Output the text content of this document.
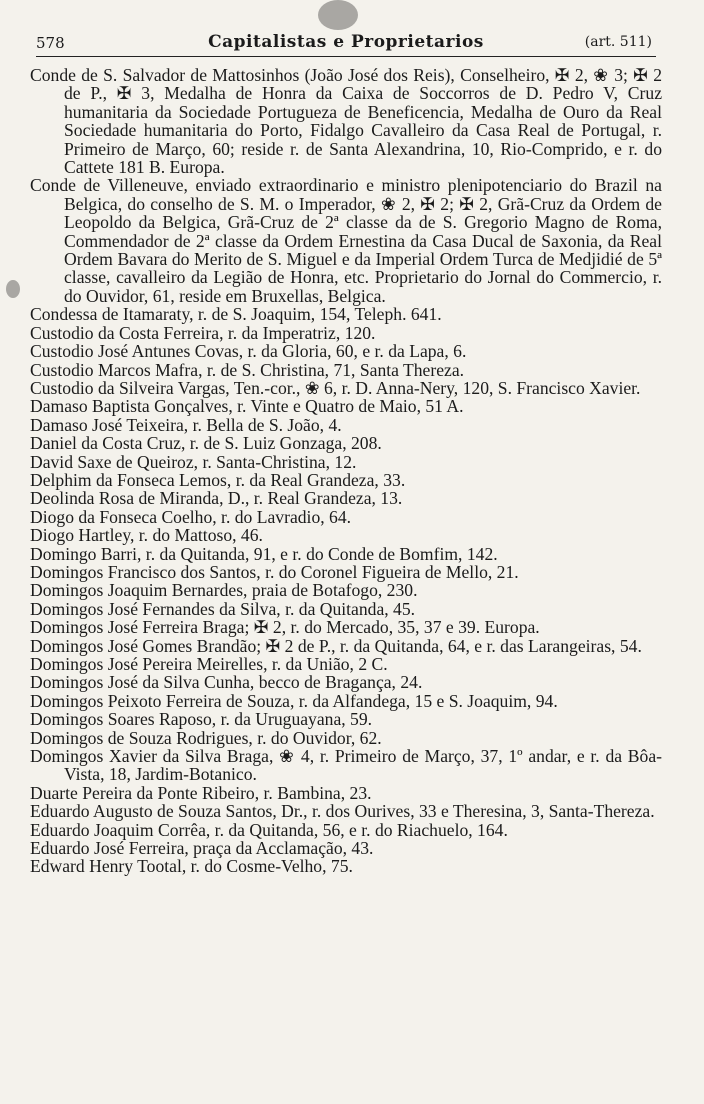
578	Capitalistas e Proprietarios	(art. 511)

Conde de S. Salvador de Mattosinhos (João José dos Reis), Conselheiro, ✠ 2, ❀ 3; ✠ 2 de P., ✠ 3, Medalha de Honra da Caixa de Soccorros de D. Pedro V, Cruz humanitaria da Sociedade Portugueza de Beneficencia, Medalha de Ouro da Real Sociedade humanitaria do Porto, Fidalgo Cavalleiro da Casa Real de Portugal, r. Primeiro de Março, 60; reside r. de Santa Alexandrina, 10, Rio-Comprido, e r. do Cattete 181 B. Europa.

Conde de Villeneuve, enviado extraordinario e ministro plenipotenciario do Brazil na Belgica, do conselho de S. M. o Imperador, ❀ 2, ✠ 2; ✠ 2, Grã-Cruz da Ordem de Leopoldo da Belgica, Grã-Cruz de 2ª classe da de S. Gregorio Magno de Roma, Commendador de 2ª classe da Ordem Ernestina da Casa Ducal de Saxonia, da Real Ordem Bavara do Merito de S. Miguel e da Imperial Ordem Turca de Medjidié de 5ª classe, cavalleiro da Legião de Honra, etc. Proprietario do Jornal do Commercio, r. do Ouvidor, 61, reside em Bruxellas, Belgica.

Condessa de Itamaraty, r. de S. Joaquim, 154, Teleph. 641.

Custodio da Costa Ferreira, r. da Imperatriz, 120.

Custodio José Antunes Covas, r. da Gloria, 60, e r. da Lapa, 6.

Custodio Marcos Mafra, r. de S. Christina, 71, Santa Thereza.

Custodio da Silveira Vargas, Ten.-cor., ❀ 6, r. D. Anna-Nery, 120, S. Francisco Xavier.

Damaso Baptista Gonçalves, r. Vinte e Quatro de Maio, 51 A.

Damaso José Teixeira, r. Bella de S. João, 4.

Daniel da Costa Cruz, r. de S. Luiz Gonzaga, 208.

David Saxe de Queiroz, r. Santa-Christina, 12.

Delphim da Fonseca Lemos, r. da Real Grandeza, 33.

Deolinda Rosa de Miranda, D., r. Real Grandeza, 13.

Diogo da Fonseca Coelho, r. do Lavradio, 64.

Diogo Hartley, r. do Mattoso, 46.

Domingo Barri, r. da Quitanda, 91, e r. do Conde de Bomfim, 142.

Domingos Francisco dos Santos, r. do Coronel Figueira de Mello, 21.

Domingos Joaquim Bernardes, praia de Botafogo, 230.

Domingos José Fernandes da Silva, r. da Quitanda, 45.

Domingos José Ferreira Braga; ✠ 2, r. do Mercado, 35, 37 e 39. Europa.

Domingos José Gomes Brandão; ✠ 2 de P., r. da Quitanda, 64, e r. das Larangeiras, 54.

Domingos José Pereira Meirelles, r. da União, 2 C.

Domingos José da Silva Cunha, becco de Bragança, 24.

Domingos Peixoto Ferreira de Souza, r. da Alfandega, 15 e S. Joaquim, 94.

Domingos Soares Raposo, r. da Uruguayana, 59.

Domingos de Souza Rodrigues, r. do Ouvidor, 62.

Domingos Xavier da Silva Braga, ❀ 4, r. Primeiro de Março, 37, 1º andar, e r. da Bôa-Vista, 18, Jardim-Botanico.

Duarte Pereira da Ponte Ribeiro, r. Bambina, 23.

Eduardo Augusto de Souza Santos, Dr., r. dos Ourives, 33 e Theresina, 3, Santa-Thereza.

Eduardo Joaquim Corrêa, r. da Quitanda, 56, e r. do Riachuelo, 164.

Eduardo José Ferreira, praça da Acclamação, 43.

Edward Henry Tootal, r. do Cosme-Velho, 75.
